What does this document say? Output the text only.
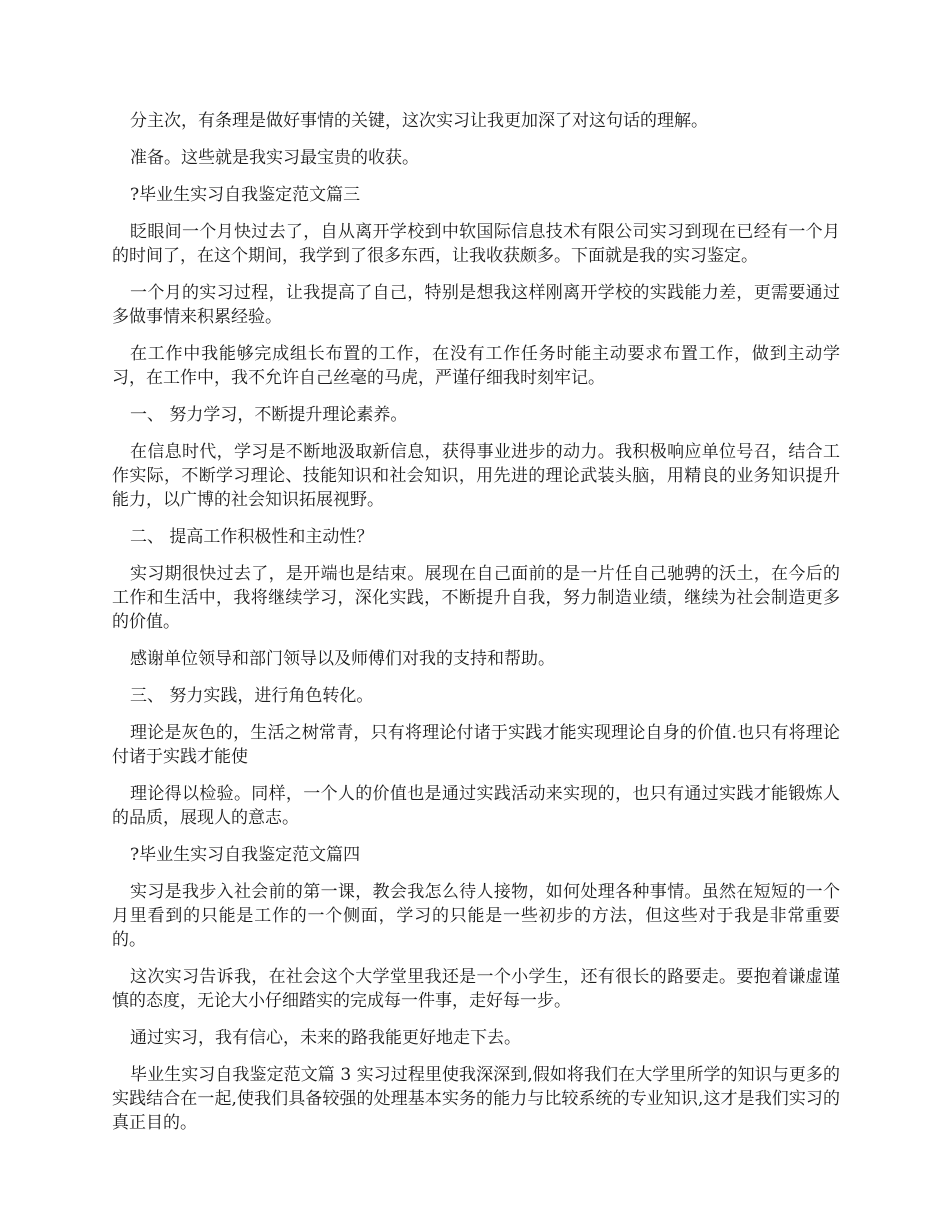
分主次，有条理是做好事情的关键，这次实习让我更加深了对这句话的理解。

准备。这些就是我实习最宝贵的收获。

?毕业生实习自我鉴定范文篇三

眨眼间一个月快过去了，自从离开学校到中软国际信息技术有限公司实习到现在已经有一个月的时间了，在这个期间，我学到了很多东西，让我收获颇多。下面就是我的实习鉴定。

一个月的实习过程，让我提高了自己，特别是想我这样刚离开学校的实践能力差，更需要通过多做事情来积累经验。

在工作中我能够完成组长布置的工作，在没有工作任务时能主动要求布置工作，做到主动学习，在工作中，我不允许自己丝毫的马虎，严谨仔细我时刻牢记。

一、 努力学习，不断提升理论素养。

在信息时代，学习是不断地汲取新信息，获得事业进步的动力。我积极响应单位号召，结合工作实际，不断学习理论、技能知识和社会知识，用先进的理论武装头脑，用精良的业务知识提升能力，以广博的社会知识拓展视野。

二、 提高工作积极性和主动性？

实习期很快过去了，是开端也是结束。展现在自己面前的是一片任自己驰骋的沃土，在今后的工作和生活中，我将继续学习，深化实践，不断提升自我，努力制造业绩，继续为社会制造更多的价值。

感谢单位领导和部门领导以及师傅们对我的支持和帮助。

三、 努力实践，进行角色转化。

理论是灰色的，生活之树常青，只有将理论付诸于实践才能实现理论自身的价值.也只有将理论付诸于实践才能使

理论得以检验。同样，一个人的价值也是通过实践活动来实现的，也只有通过实践才能锻炼人的品质，展现人的意志。

?毕业生实习自我鉴定范文篇四

实习是我步入社会前的第一课，教会我怎么待人接物，如何处理各种事情。虽然在短短的一个月里看到的只能是工作的一个侧面，学习的只能是一些初步的方法，但这些对于我是非常重要的。

这次实习告诉我，在社会这个大学堂里我还是一个小学生，还有很长的路要走。要抱着谦虚谨慎的态度，无论大小仔细踏实的完成每一件事，走好每一步。

通过实习，我有信心，未来的路我能更好地走下去。

毕业生实习自我鉴定范文篇 3 实习过程里使我深深到,假如将我们在大学里所学的知识与更多的实践结合在一起,使我们具备较强的处理基本实务的能力与比较系统的专业知识,这才是我们实习的真正目的。
